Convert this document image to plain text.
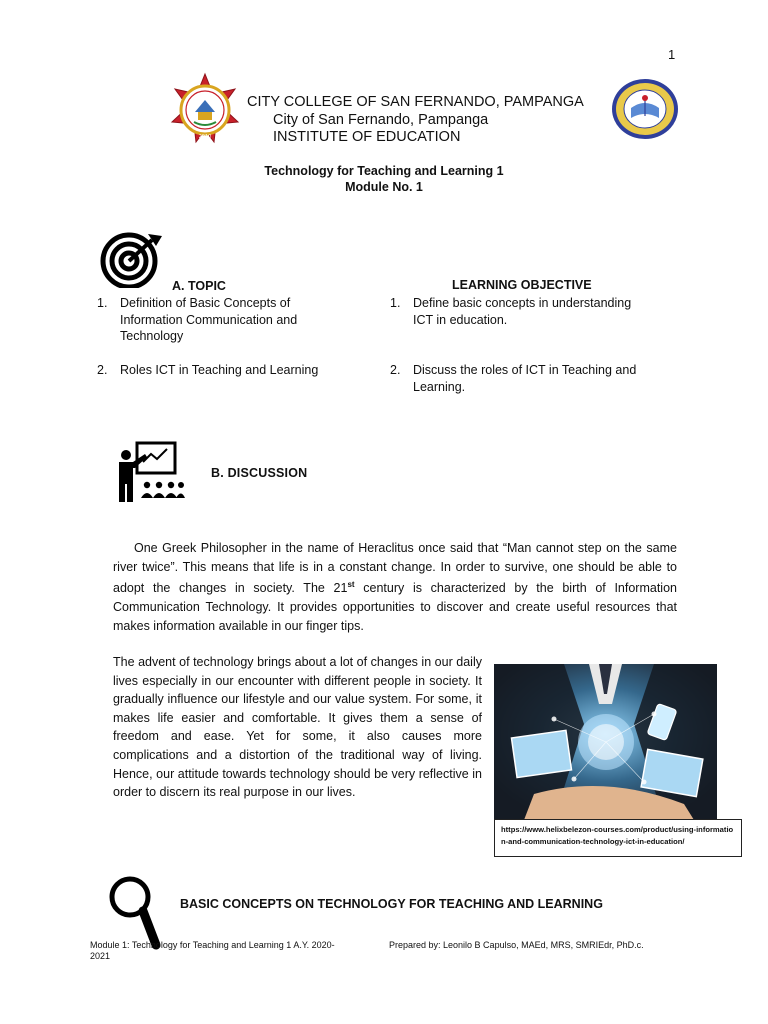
1
2010
CITY COLLEGE OF SAN FERNANDO, PAMPANGA
City of San Fernando, Pampanga
INSTITUTE OF EDUCATION
Technology for Teaching and Learning 1
Module No. 1
A. TOPIC	LEARNING OBJECTIVE
1. Definition of Basic Concepts of
Information Communication and
Technology
2. Roles ICT in Teaching and Learning
1. Define basic concepts in understanding
ICT in education.
2. Discuss the roles of ICT in Teaching and
Learning.
B. DISCUSSION
One Greek Philosopher in the name of Heraclitus once said that “Man cannot step on the same river twice”. This means that life is in a constant change. In order to survive, one should be able to adopt the changes in society. The 21st century is characterized by the birth of Information Communication Technology. It provides opportunities to discover and create useful resources that makes information available in our finger tips.
The advent of technology brings about a lot of changes in our daily lives especially in our encounter with different people in society. It gradually influence our lifestyle and our value system. For some, it makes life easier and comfortable. It gives them a sense of freedom and ease. Yet for some, it also causes more complications and a distortion of the traditional way of living. Hence, our attitude towards technology should be very reflective in order to discern its real purpose in our lives.
https://www.helixbelezon-courses.com/product/using-information-and-communication-technology-ict-in-education/
BASIC CONCEPTS ON TECHNOLOGY FOR TEACHING AND LEARNING
Module 1: Technology for Teaching and Learning 1 A.Y. 2020-
2021
Prepared by: Leonilo B Capulso, MAEd, MRS, SMRIEdr, PhD.c.
